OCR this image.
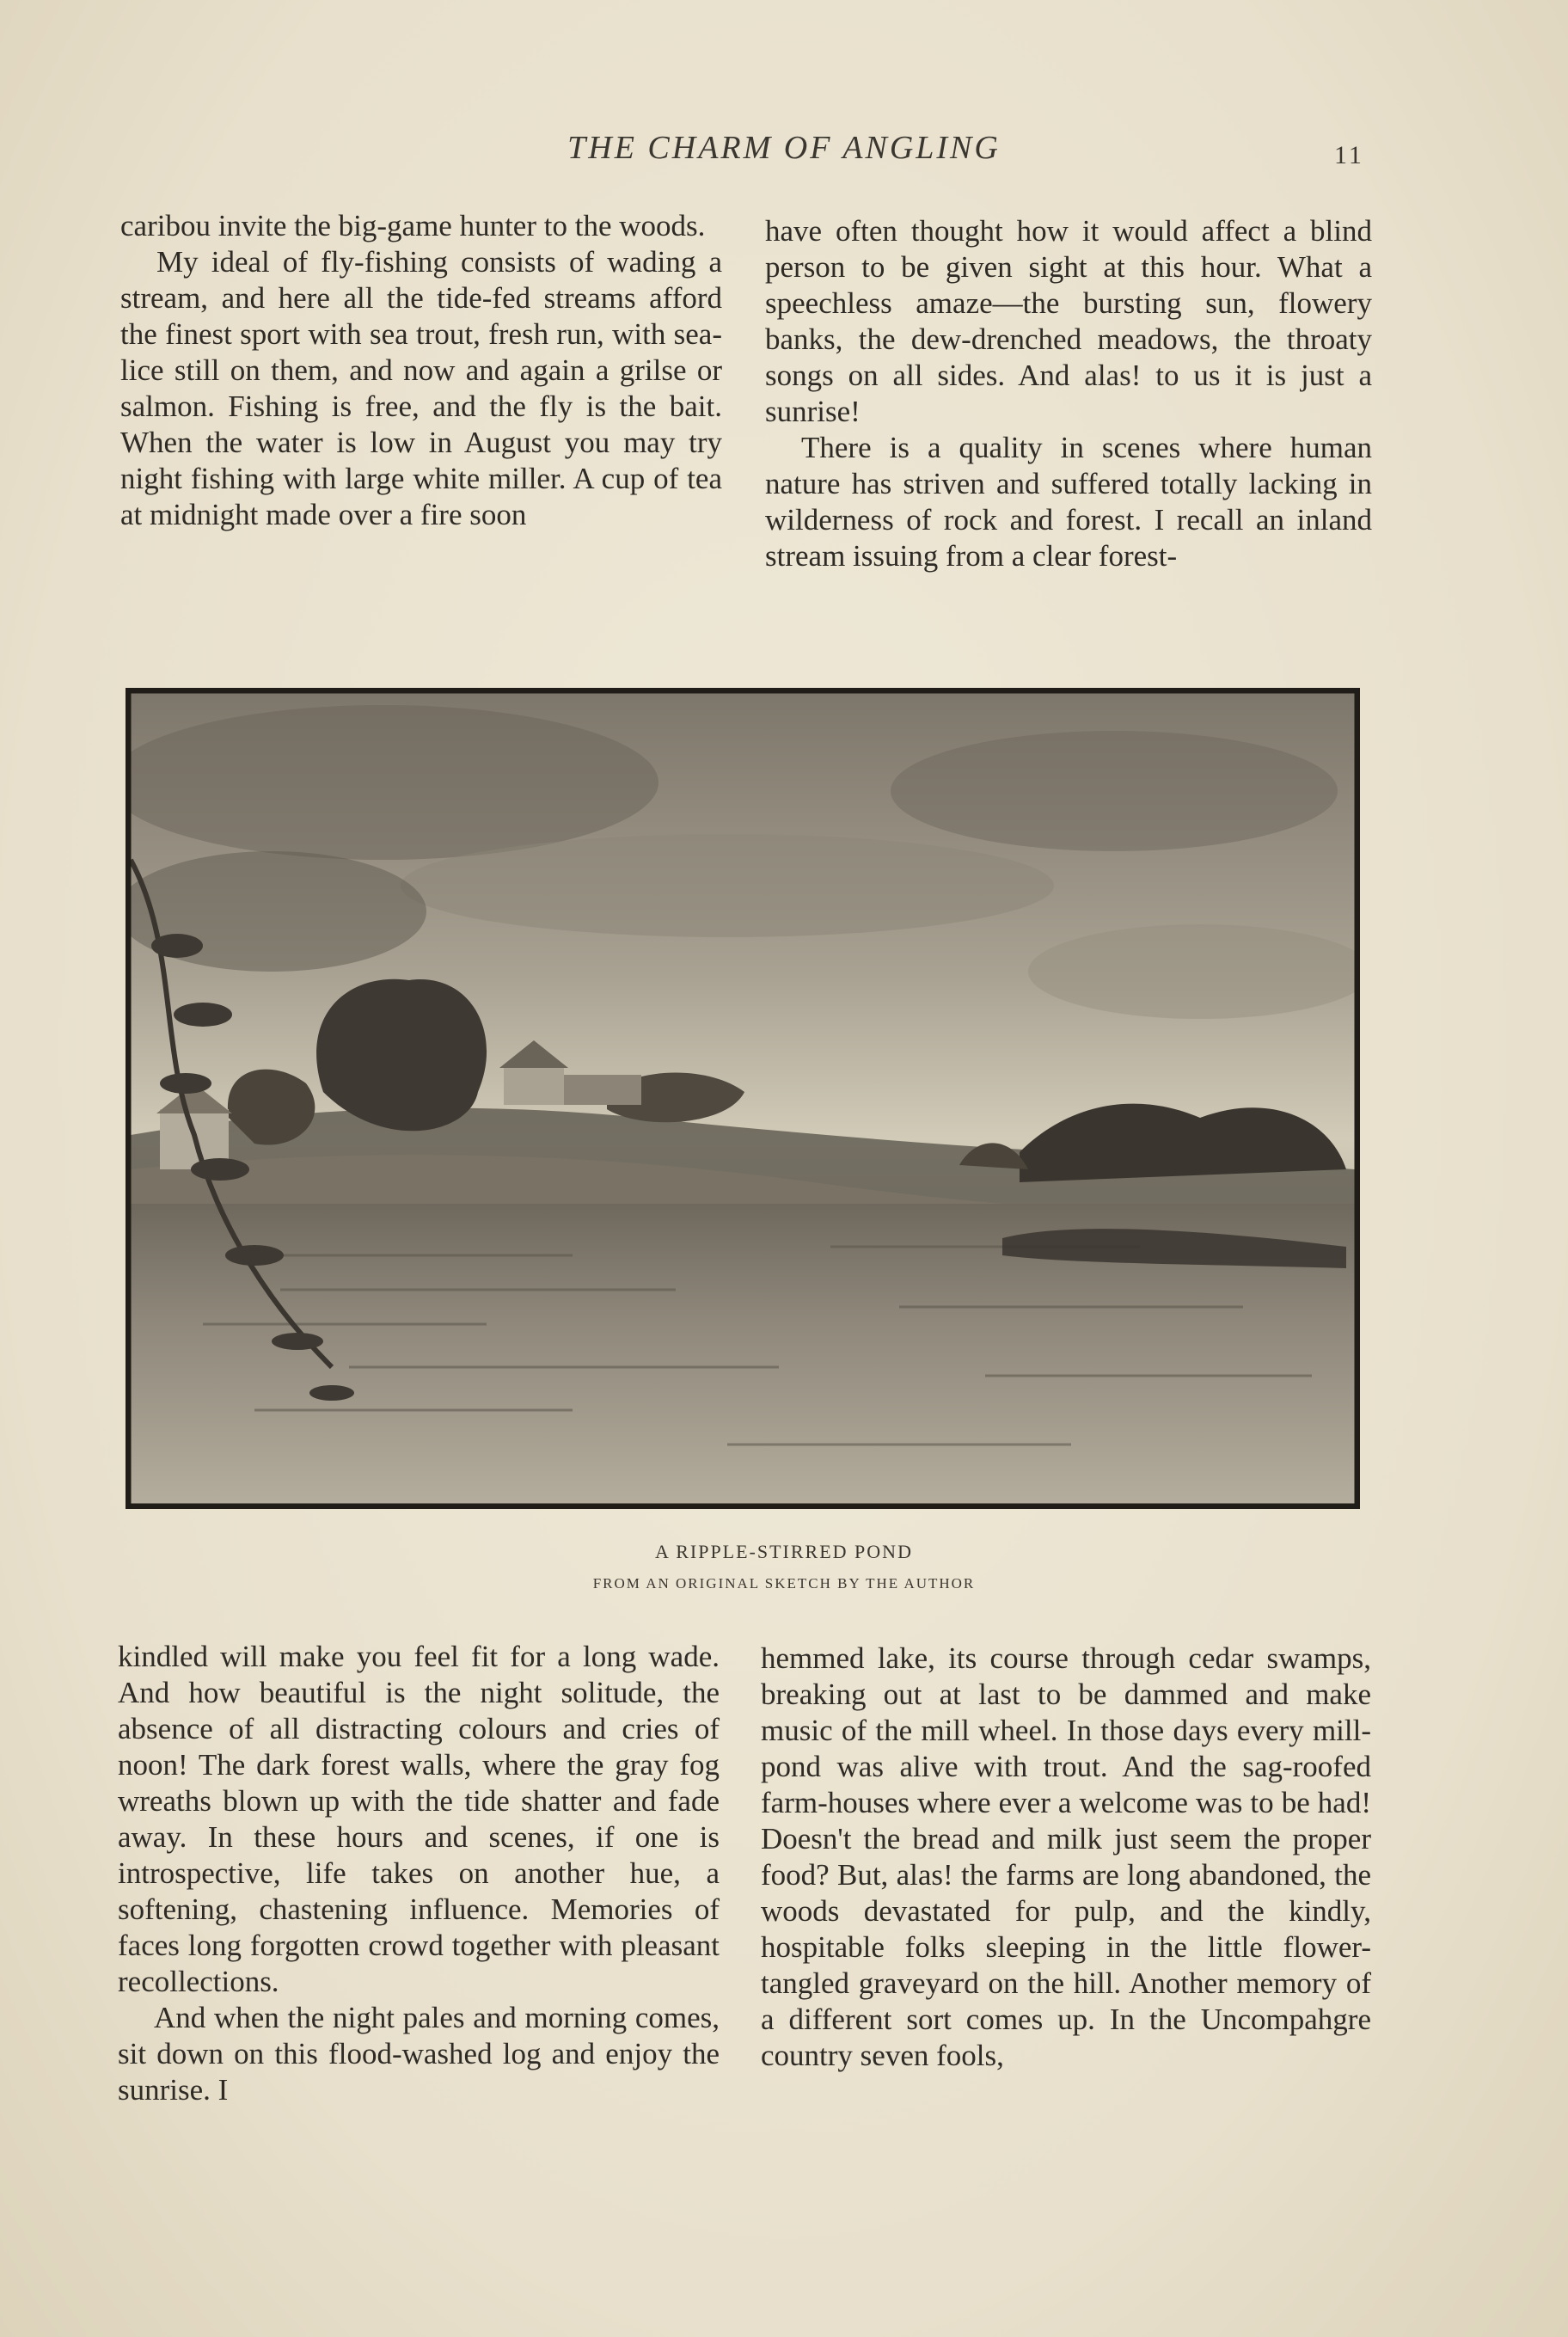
THE CHARM OF ANGLING	11

caribou invite the big-game hunter to the woods.

My ideal of fly-fishing consists of wading a stream, and here all the tide-fed streams afford the finest sport with sea trout, fresh run, with sea-lice still on them, and now and again a grilse or salmon. Fishing is free, and the fly is the bait. When the water is low in August you may try night fishing with large white miller. A cup of tea at midnight made over a fire soon

have often thought how it would affect a blind person to be given sight at this hour. What a speechless amaze—the bursting sun, flowery banks, the dew-drenched meadows, the throaty songs on all sides. And alas! to us it is just a sunrise!

There is a quality in scenes where human nature has striven and suffered totally lacking in wilderness of rock and forest. I recall an inland stream issuing from a clear forest-

A RIPPLE-STIRRED POND
FROM AN ORIGINAL SKETCH BY THE AUTHOR

kindled will make you feel fit for a long wade. And how beautiful is the night solitude, the absence of all distracting colours and cries of noon! The dark forest walls, where the gray fog wreaths blown up with the tide shatter and fade away. In these hours and scenes, if one is introspective, life takes on another hue, a softening, chastening influence. Memories of faces long forgotten crowd together with pleasant recollections.

And when the night pales and morning comes, sit down on this flood-washed log and enjoy the sunrise. I

hemmed lake, its course through cedar swamps, breaking out at last to be dammed and make music of the mill wheel. In those days every mill-pond was alive with trout. And the sag-roofed farm-houses where ever a welcome was to be had! Doesn't the bread and milk just seem the proper food? But, alas! the farms are long abandoned, the woods devastated for pulp, and the kindly, hospitable folks sleeping in the little flower-tangled graveyard on the hill. Another memory of a different sort comes up. In the Uncompahgre country seven fools,
